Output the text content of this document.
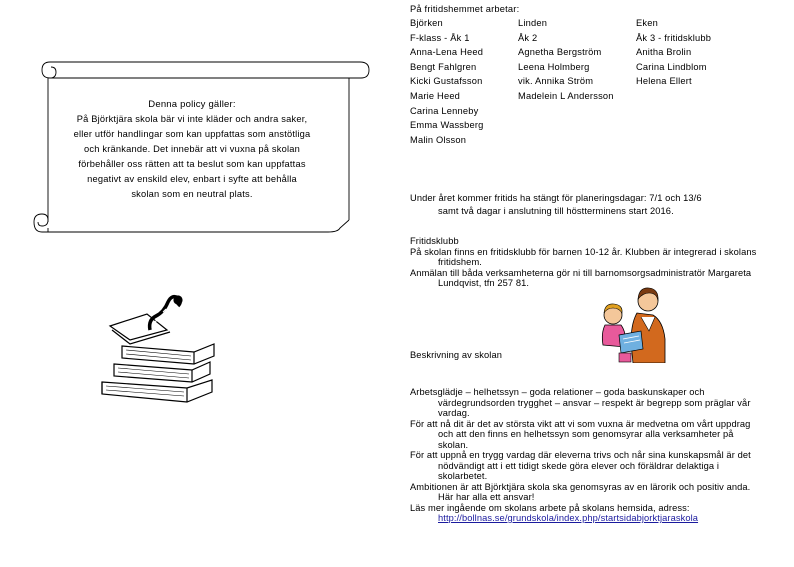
Denna policy gäller:
På Björktjära skola bär vi inte kläder och andra saker,
eller utför handlingar som kan uppfattas som anstötliga
och kränkande. Det innebär att vi vuxna på skolan
förbehåller oss rätten att ta beslut som kan uppfattas
negativt av enskild elev, enbart i syfte att behålla
skolan som en neutral plats.
På fritidshemmet arbetar:
Björken
F-klass - Åk 1
Anna-Lena Heed
Bengt Fahlgren
Kicki Gustafsson
Marie Heed
Carina Lenneby
Emma Wassberg
Malin Olsson
Linden
Åk 2
Agnetha Bergström
Leena Holmberg
vik. Annika Ström
Madelein L Andersson
Eken
Åk 3 - fritidsklubb
Anitha Brolin
Carina Lindblom
Helena Ellert
Under året kommer fritids ha stängt för planeringsdagar: 7/1 och 13/6
samt två dagar i anslutning till höstterminens start 2016.
Fritidsklubb
På skolan finns en fritidsklubb för barnen 10-12 år. Klubben är integrerad i skolans
fritidshem.
Anmälan till båda verksamheterna gör ni till barnomsorgsadministratör Margareta
Lundqvist, tfn 257 81.
Beskrivning av skolan
Arbetsglädje – helhetssyn – goda relationer – goda baskunskaper och
värdegrundsorden trygghet – ansvar – respekt är begrepp som präglar vår
vardag.
För att nå dit är det av största vikt att vi som vuxna är medvetna om vårt uppdrag
och att den finns en helhetssyn som genomsyrar alla verksamheter på
skolan.
För att uppnå en trygg vardag där eleverna trivs och når sina kunskapsmål är det
nödvändigt att i ett tidigt skede göra elever och föräldrar delaktiga i
skolarbetet.
Ambitionen är att Björktjära skola ska genomsyras av en lärorik och positiv anda.
Här har alla ett ansvar!
Läs mer ingående om skolans arbete på skolans hemsida, adress:
http://bollnas.se/grundskola/index.php/startsidabjorktjaraskola
